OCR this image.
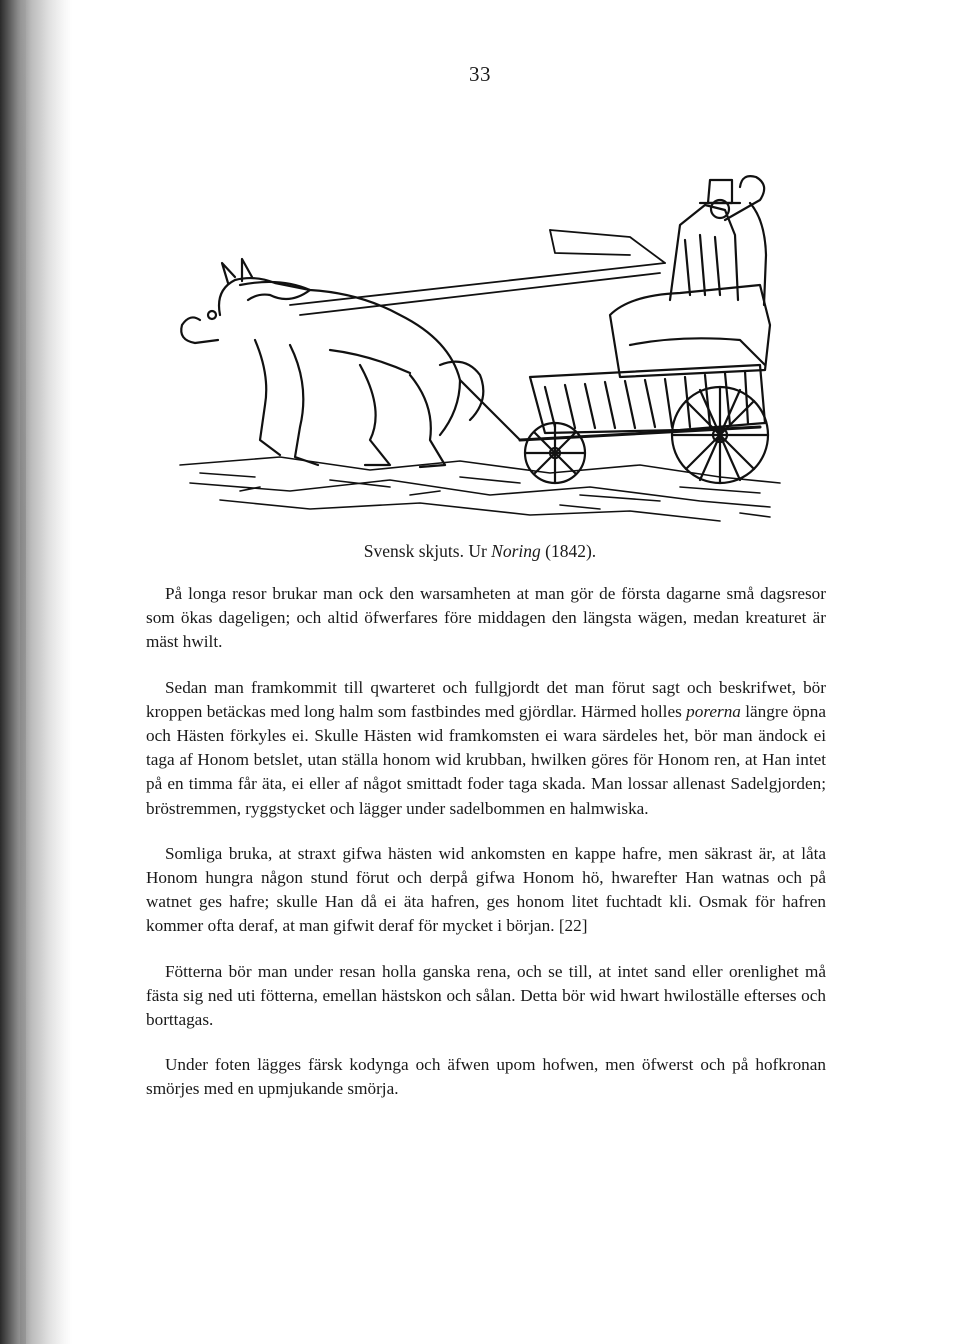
33
Svensk skjuts. Ur Noring (1842).

På longa resor brukar man ock den warsamheten at man gör de första dagarne små dagsresor som ökas dageligen; och altid öfwerfares före middagen den längsta wägen, medan kreaturet är mäst hwilt.

Sedan man framkommit till qwarteret och fullgjordt det man förut sagt och beskrifwet, bör kroppen betäckas med long halm som fastbindes med gjördlar. Härmed holles porerna längre öpna och Hästen förkyles ei. Skulle Hästen wid framkomsten ei wara särdeles het, bör man ändock ei taga af Honom betslet, utan ställa honom wid krubban, hwilken göres för Honom ren, at Han intet på en timma får äta, ei eller af något smittadt foder taga skada. Man lossar allenast Sadelgjorden; bröstremmen, ryggstycket och lägger under sadelbommen en halmwiska.

Somliga bruka, at straxt gifwa hästen wid ankomsten en kappe hafre, men säkrast är, at låta Honom hungra någon stund förut och derpå gifwa Honom hö, hwarefter Han watnas och på watnet ges hafre; skulle Han då ei äta hafren, ges honom litet fuchtadt kli. Osmak för hafren kommer ofta deraf, at man gifwit deraf för mycket i början. [22]

Fötterna bör man under resan holla ganska rena, och se till, at intet sand eller orenlighet må fästa sig ned uti fötterna, emellan hästskon och sålan. Detta bör wid hwart hwiloställe efterses och borttagas.

Under foten lägges färsk kodynga och äfwen upom hofwen, men öfwerst och på hofkronan smörjes med en upmjukande smörja.
